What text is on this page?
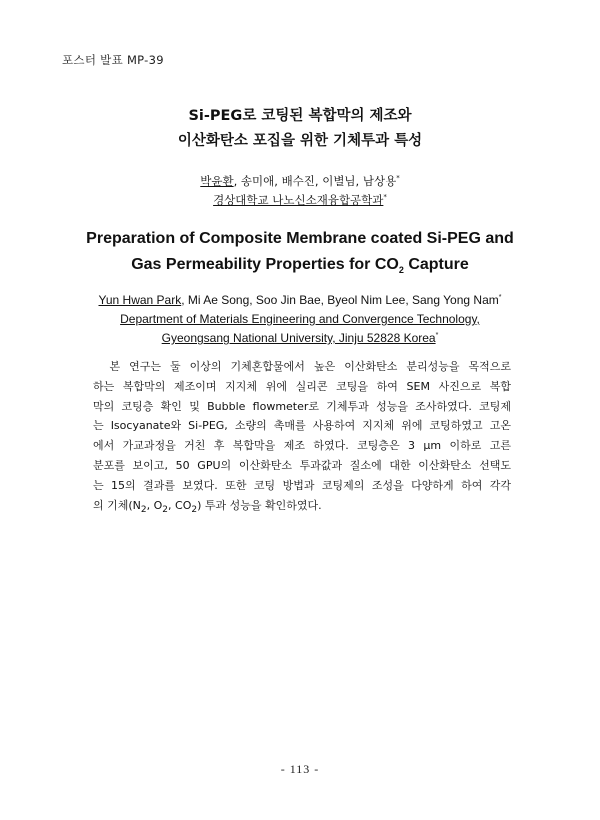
포스터 발표 MP-39
Si-PEG로 코팅된 복합막의 제조와
이산화탄소 포집을 위한 기체투과 특성
박윤환, 송미애, 배수진, 이별님, 남상용*
경상대학교 나노신소재융합공학과*
Preparation of Composite Membrane coated Si-PEG and
Gas Permeability Properties for $CO_2$ Capture
Yun Hwan Park, Mi Ae Song, Soo Jin Bae, Byeol Nim Lee, Sang Yong Nam*
Department of Materials Engineering and Convergence Technology,
Gyeongsang National University, Jinju 52828 Korea*
　본 연구는 둘 이상의 기체혼합물에서 높은 이산화탄소 분리성능을 목적으로
하는 복합막의 제조이며 지지체 위에 실리콘 코팅을 하여 SEM 사진으로 복합
막의 코팅층 확인 및 Bubble flowmeter로 기체투과 성능을 조사하였다. 코팅제
는 Isocyanate와 Si-PEG, 소량의 촉매를 사용하여 지지체 위에 코팅하였고 고온
에서 가교과정을 거친 후 복합막을 제조 하였다. 코팅층은 3 μm 이하로 고른
분포를 보이고, 50 GPU의 이산화탄소 투과값과 질소에 대한 이산화탄소 선택도
는 15의 결과를 보였다. 또한 코팅 방법과 코팅제의 조성을 다양하게 하여 각각
의 기체($N_2$, $O_2$, $CO_2$) 투과 성능을 확인하였다.
- 113 -
